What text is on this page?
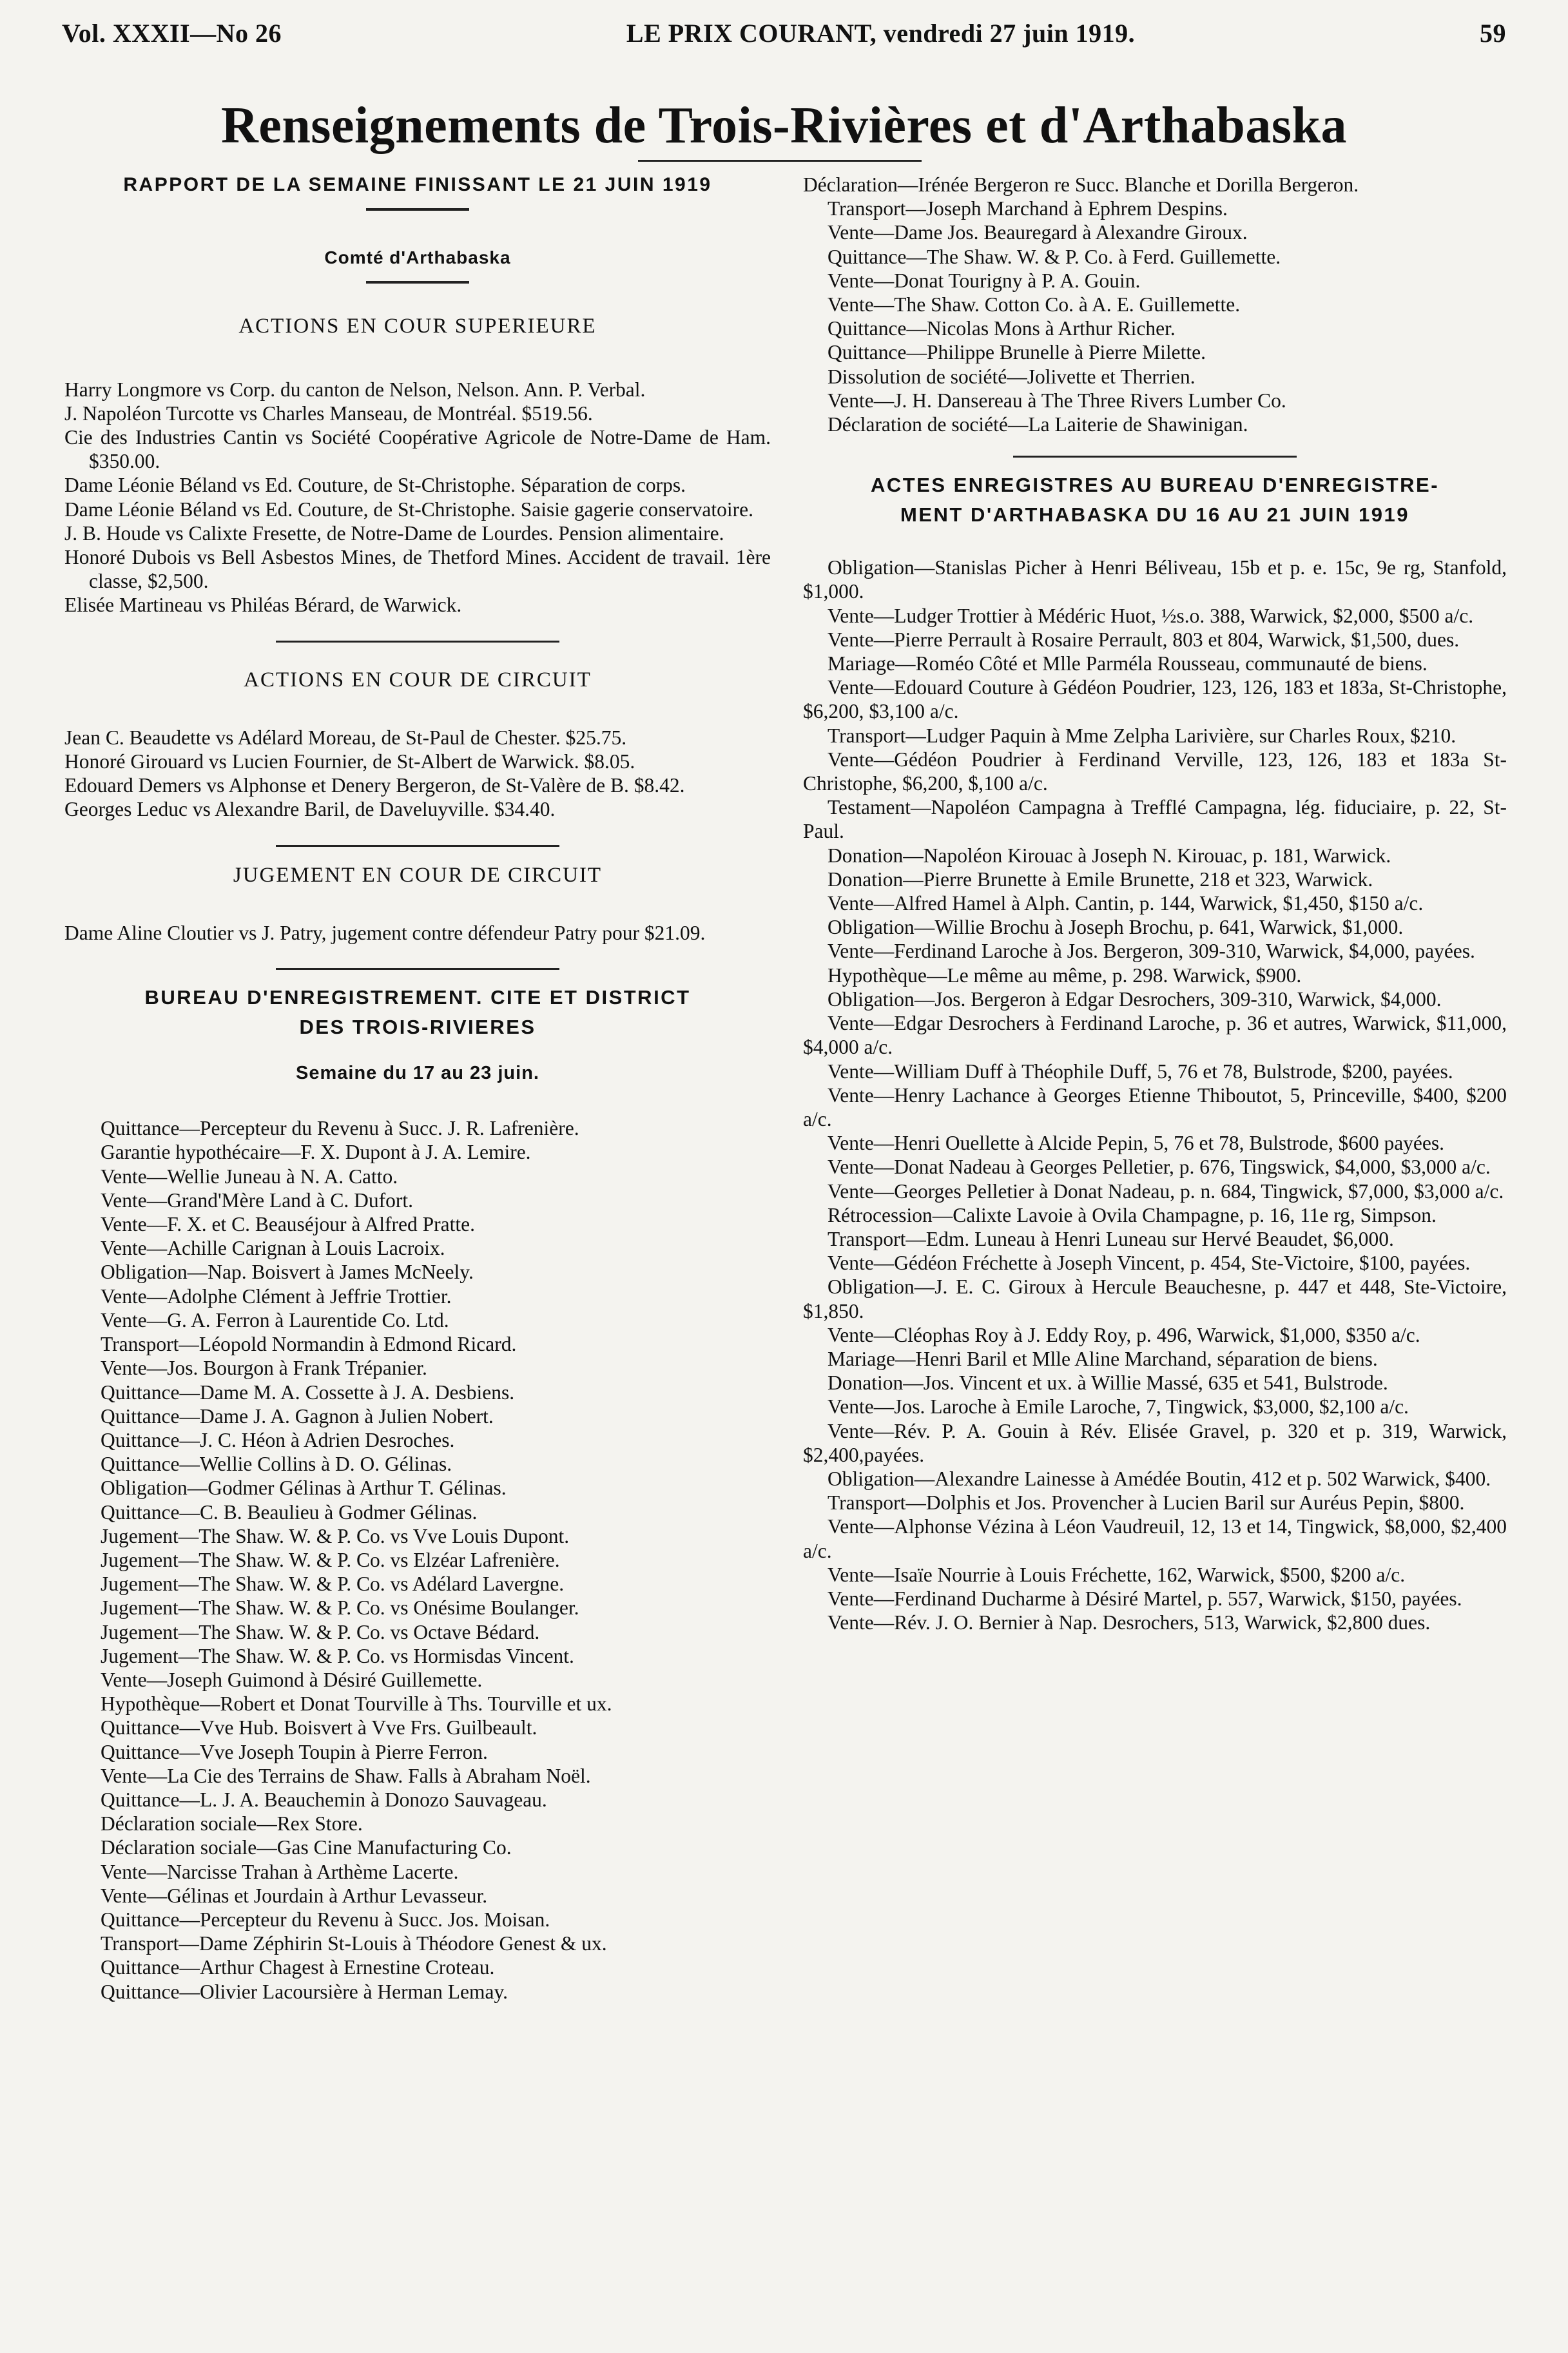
Vol. XXXII—No 26	LE PRIX COURANT, vendredi 27 juin 1919.	59
Renseignements de Trois-Rivières et d'Arthabaska

RAPPORT DE LA SEMAINE FINISSANT LE 21 JUIN 1919

Comté d'Arthabaska

ACTIONS EN COUR SUPERIEURE

Harry Longmore vs Corp. du canton de Nelson, Nelson. Ann. P. Verbal.

J. Napoléon Turcotte vs Charles Manseau, de Montréal. $519.56.

Cie des Industries Cantin vs Société Coopérative Agricole de Notre-Dame de Ham. $350.00.

Dame Léonie Béland vs Ed. Couture, de St-Christophe. Séparation de corps.

Dame Léonie Béland vs Ed. Couture, de St-Christophe. Saisie gagerie conservatoire.

J. B. Houde vs Calixte Fresette, de Notre-Dame de Lourdes. Pension alimentaire.

Honoré Dubois vs Bell Asbestos Mines, de Thetford Mines. Accident de travail. 1ère classe, $2,500.

Elisée Martineau vs Philéas Bérard, de Warwick.

ACTIONS EN COUR DE CIRCUIT

Jean C. Beaudette vs Adélard Moreau, de St-Paul de Chester. $25.75.

Honoré Girouard vs Lucien Fournier, de St-Albert de Warwick. $8.05.

Edouard Demers vs Alphonse et Denery Bergeron, de St-Valère de B. $8.42.

Georges Leduc vs Alexandre Baril, de Daveluyville. $34.40.

JUGEMENT EN COUR DE CIRCUIT

Dame Aline Cloutier vs J. Patry, jugement contre défendeur Patry pour $21.09.

BUREAU D'ENREGISTREMENT. CITE ET DISTRICT

DES TROIS-RIVIERES

Semaine du 17 au 23 juin.

Quittance—Percepteur du Revenu à Succ. J. R. Lafrenière.

Garantie hypothécaire—F. X. Dupont à J. A. Lemire.

Vente—Wellie Juneau à N. A. Catto.

Vente—Grand'Mère Land à C. Dufort.

Vente—F. X. et C. Beauséjour à Alfred Pratte.

Vente—Achille Carignan à Louis Lacroix.

Obligation—Nap. Boisvert à James McNeely.

Vente—Adolphe Clément à Jeffrie Trottier.

Vente—G. A. Ferron à Laurentide Co. Ltd.

Transport—Léopold Normandin à Edmond Ricard.

Vente—Jos. Bourgon à Frank Trépanier.

Quittance—Dame M. A. Cossette à J. A. Desbiens.

Quittance—Dame J. A. Gagnon à Julien Nobert.

Quittance—J. C. Héon à Adrien Desroches.

Quittance—Wellie Collins à D. O. Gélinas.

Obligation—Godmer Gélinas à Arthur T. Gélinas.

Quittance—C. B. Beaulieu à Godmer Gélinas.

Jugement—The Shaw. W. & P. Co. vs Vve Louis Dupont.

Jugement—The Shaw. W. & P. Co. vs Elzéar Lafrenière.

Jugement—The Shaw. W. & P. Co. vs Adélard Lavergne.

Jugement—The Shaw. W. & P. Co. vs Onésime Boulanger.

Jugement—The Shaw. W. & P. Co. vs Octave Bédard.

Jugement—The Shaw. W. & P. Co. vs Hormisdas Vincent.

Vente—Joseph Guimond à Désiré Guillemette.

Hypothèque—Robert et Donat Tourville à Ths. Tourville et ux.

Quittance—Vve Hub. Boisvert à Vve Frs. Guilbeault.

Quittance—Vve Joseph Toupin à Pierre Ferron.

Vente—La Cie des Terrains de Shaw. Falls à Abraham Noël.

Quittance—L. J. A. Beauchemin à Donozo Sauvageau.

Déclaration sociale—Rex Store.

Déclaration sociale—Gas Cine Manufacturing Co.

Vente—Narcisse Trahan à Arthème Lacerte.

Vente—Gélinas et Jourdain à Arthur Levasseur.

Quittance—Percepteur du Revenu à Succ. Jos. Moisan.

Transport—Dame Zéphirin St-Louis à Théodore Genest & ux.

Quittance—Arthur Chagest à Ernestine Croteau.

Quittance—Olivier Lacoursière à Herman Lemay.

Déclaration—Irénée Bergeron re Succ. Blanche et Dorilla Bergeron.

Transport—Joseph Marchand à Ephrem Despins.

Vente—Dame Jos. Beauregard à Alexandre Giroux.

Quittance—The Shaw. W. & P. Co. à Ferd. Guillemette.

Vente—Donat Tourigny à P. A. Gouin.

Vente—The Shaw. Cotton Co. à A. E. Guillemette.

Quittance—Nicolas Mons à Arthur Richer.

Quittance—Philippe Brunelle à Pierre Milette.

Dissolution de société—Jolivette et Therrien.

Vente—J. H. Dansereau à The Three Rivers Lumber Co.

Déclaration de société—La Laiterie de Shawinigan.

ACTES ENREGISTRES AU BUREAU D'ENREGISTRE-

MENT D'ARTHABASKA DU 16 AU 21 JUIN 1919

Obligation—Stanislas Picher à Henri Béliveau, 15b et p. e. 15c, 9e rg, Stanfold, $1,000.

Vente—Ludger Trottier à Médéric Huot, ½s.o. 388, Warwick, $2,000, $500 a/c.

Vente—Pierre Perrault à Rosaire Perrault, 803 et 804, Warwick, $1,500, dues.

Mariage—Roméo Côté et Mlle Parméla Rousseau, communauté de biens.

Vente—Edouard Couture à Gédéon Poudrier, 123, 126, 183 et 183a, St-Christophe, $6,200, $3,100 a/c.

Transport—Ludger Paquin à Mme Zelpha Larivière, sur Charles Roux, $210.

Vente—Gédéon Poudrier à Ferdinand Verville, 123, 126, 183 et 183a St-Christophe, $6,200, $,100 a/c.

Testament—Napoléon Campagna à Trefflé Campagna, lég. fiduciaire, p. 22, St-Paul.

Donation—Napoléon Kirouac à Joseph N. Kirouac, p. 181, Warwick.

Donation—Pierre Brunette à Emile Brunette, 218 et 323, Warwick.

Vente—Alfred Hamel à Alph. Cantin, p. 144, Warwick, $1,450, $150 a/c.

Obligation—Willie Brochu à Joseph Brochu, p. 641, Warwick, $1,000.

Vente—Ferdinand Laroche à Jos. Bergeron, 309-310, Warwick, $4,000, payées.

Hypothèque—Le même au même, p. 298. Warwick, $900.

Obligation—Jos. Bergeron à Edgar Desrochers, 309-310, Warwick, $4,000.

Vente—Edgar Desrochers à Ferdinand Laroche, p. 36 et autres, Warwick, $11,000, $4,000 a/c.

Vente—William Duff à Théophile Duff, 5, 76 et 78, Bulstrode, $200, payées.

Vente—Henry Lachance à Georges Etienne Thiboutot, 5, Princeville, $400, $200 a/c.

Vente—Henri Ouellette à Alcide Pepin, 5, 76 et 78, Bulstrode, $600 payées.

Vente—Donat Nadeau à Georges Pelletier, p. 676, Tingswick, $4,000, $3,000 a/c.

Vente—Georges Pelletier à Donat Nadeau, p. n. 684, Tingwick, $7,000, $3,000 a/c.

Rétrocession—Calixte Lavoie à Ovila Champagne, p. 16, 11e rg, Simpson.

Transport—Edm. Luneau à Henri Luneau sur Hervé Beaudet, $6,000.

Vente—Gédéon Fréchette à Joseph Vincent, p. 454, Ste-Victoire, $100, payées.

Obligation—J. E. C. Giroux à Hercule Beauchesne, p. 447 et 448, Ste-Victoire, $1,850.

Vente—Cléophas Roy à J. Eddy Roy, p. 496, Warwick, $1,000, $350 a/c.

Mariage—Henri Baril et Mlle Aline Marchand, séparation de biens.

Donation—Jos. Vincent et ux. à Willie Massé, 635 et 541, Bulstrode.

Vente—Jos. Laroche à Emile Laroche, 7, Tingwick, $3,000, $2,100 a/c.

Vente—Rév. P. A. Gouin à Rév. Elisée Gravel, p. 320 et p. 319, Warwick, $2,400,payées.

Obligation—Alexandre Lainesse à Amédée Boutin, 412 et p. 502 Warwick, $400.

Transport—Dolphis et Jos. Provencher à Lucien Baril sur Auréus Pepin, $800.

Vente—Alphonse Vézina à Léon Vaudreuil, 12, 13 et 14, Tingwick, $8,000, $2,400 a/c.

Vente—Isaïe Nourrie à Louis Fréchette, 162, Warwick, $500, $200 a/c.

Vente—Ferdinand Ducharme à Désiré Martel, p. 557, Warwick, $150, payées.

Vente—Rév. J. O. Bernier à Nap. Desrochers, 513, Warwick, $2,800 dues.
